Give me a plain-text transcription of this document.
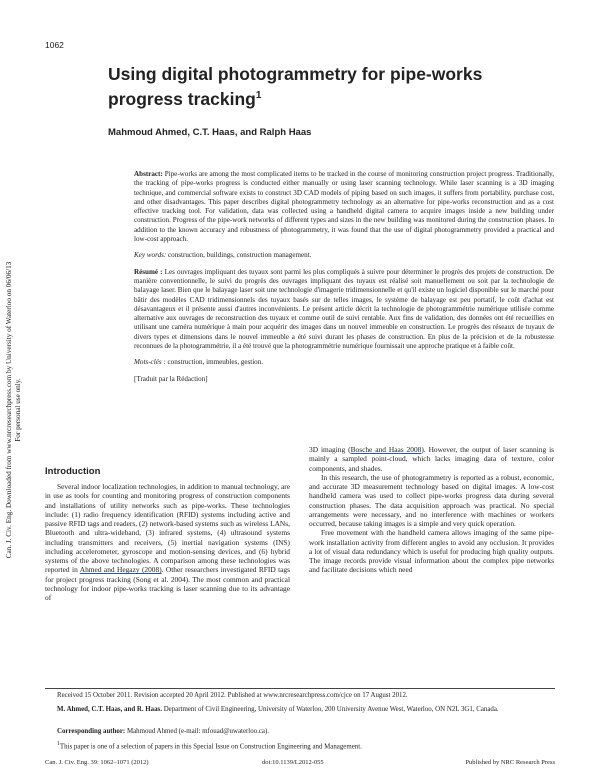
1062
Using digital photogrammetry for pipe-works progress tracking$^1$
Mahmoud Ahmed, C.T. Haas, and Ralph Haas
Can. J. Civ. Eng. Downloaded from www.nrcresearchpress.com by University of Waterloo on 06/06/13 For personal use only.

Abstract: Pipe-works are among the most complicated items to be tracked in the course of monitoring construction project progress. Traditionally, the tracking of pipe-works progress is conducted either manually or using laser scanning technology. While laser scanning is a 3D imaging technique, and commercial software exists to construct 3D CAD models of piping based on such images, it suffers from portability, purchase cost, and other disadvantages. This paper describes digital photogrammetry technology as an alternative for pipe-works reconstruction and as a cost effective tracking tool. For validation, data was collected using a handheld digital camera to acquire images inside a new building under construction. Progress of the pipe-work networks of different types and sizes in the new building was monitored during the construction phases. In addition to the known accuracy and robustness of photogrammetry, it was found that the use of digital photogrammetry provided a practical and low-cost approach.

Key words: construction, buildings, construction management.

Résumé : Les ouvrages impliquant des tuyaux sont parmi les plus compliqués à suivre pour déterminer le progrès des projets de construction. De manière conventionnelle, le suivi du progrès des ouvrages impliquant des tuyaux est réalisé soit manuellement ou soit par la technologie de balayage laser. Bien que le balayage laser soit une technologie d'imagerie tridimensionnelle et qu'il existe un logiciel disponible sur le marché pour bâtir des modèles CAD tridimensionnels des tuyaux basés sur de telles images, le système de balayage est peu portatif, le coût d'achat est désavantageux et il présente aussi d'autres inconvénients. Le présent article décrit la technologie de photogrammétrie numérique utilisée comme alternative aux ouvrages de reconstruction des tuyaux et comme outil de suivi rentable. Aux fins de validation, des données ont été recueillies en utilisant une caméra numérique à main pour acquérir des images dans un nouvel immeuble en construction. Le progrès des réseaux de tuyaux de divers types et dimensions dans le nouvel immeuble a été suivi durant les phases de construction. En plus de la précision et de la robustesse reconnues de la photogrammétrie, il a été trouvé que la photogrammétrie numérique fournissait une approche pratique et à faible coût.

Mots-clés : construction, immeubles, gestion.

[Traduit par la Rédaction]

Introduction

Several indoor localization technologies, in addition to manual technology, are in use as tools for counting and monitoring progress of construction components and installations of utility networks such as pipe-works. These technologies include: (1) radio frequency identification (RFID) systems including active and passive RFID tags and readers, (2) network-based systems such as wireless LANs, Bluetooth and ultra-wideband, (3) infrared systems, (4) ultrasound systems including transmitters and receivers, (5) inertial navigation systems (INS) including accelerometer, gyroscope and motion-sensing devices, and (6) hybrid systems of the above technologies. A comparison among these technologies was reported in Ahmed and Hegazy (2008). Other researchers investigated RFID tags for project progress tracking (Song et al. 2004). The most common and practical technology for indoor pipe-works tracking is laser scanning due to its advantage of

3D imaging (Bosche and Haas 2008). However, the output of laser scanning is mainly a sampled point-cloud, which lacks imaging data of texture, color components, and shades.

In this research, the use of photogrammetry is reported as a robust, economic, and accurate 3D measurement technology based on digital images. A low-cost handheld camera was used to collect pipe-works progress data during several construction phases. The data acquisition approach was practical. No special arrangements were necessary, and no interference with machines or workers occurred, because taking images is a simple and very quick operation.

Free movement with the handheld camera allows imaging of the same pipe-work installation activity from different angles to avoid any occlusion. It provides a lot of visual data redundancy which is useful for producing high quality outputs. The image records provide visual information about the complex pipe networks and facilitate decisions which need

Received 15 October 2011. Revision accepted 20 April 2012. Published at www.nrcresearchpress.com/cjce on 17 August 2012.
M. Ahmed, C.T. Haas, and R. Haas. Department of Civil Engineering, University of Waterloo, 200 University Avenue West, Waterloo, ON N2L 3G1, Canada.
Corresponding author: Mahmoud Ahmed (e-mail: mfouad@uwaterloo.ca).
$^1$This paper is one of a selection of papers in this Special Issue on Construction Engineering and Management.
Can. J. Civ. Eng. 39: 1062–1071 (2012)	doi:10.1139/L2012-055	Published by NRC Research Press
